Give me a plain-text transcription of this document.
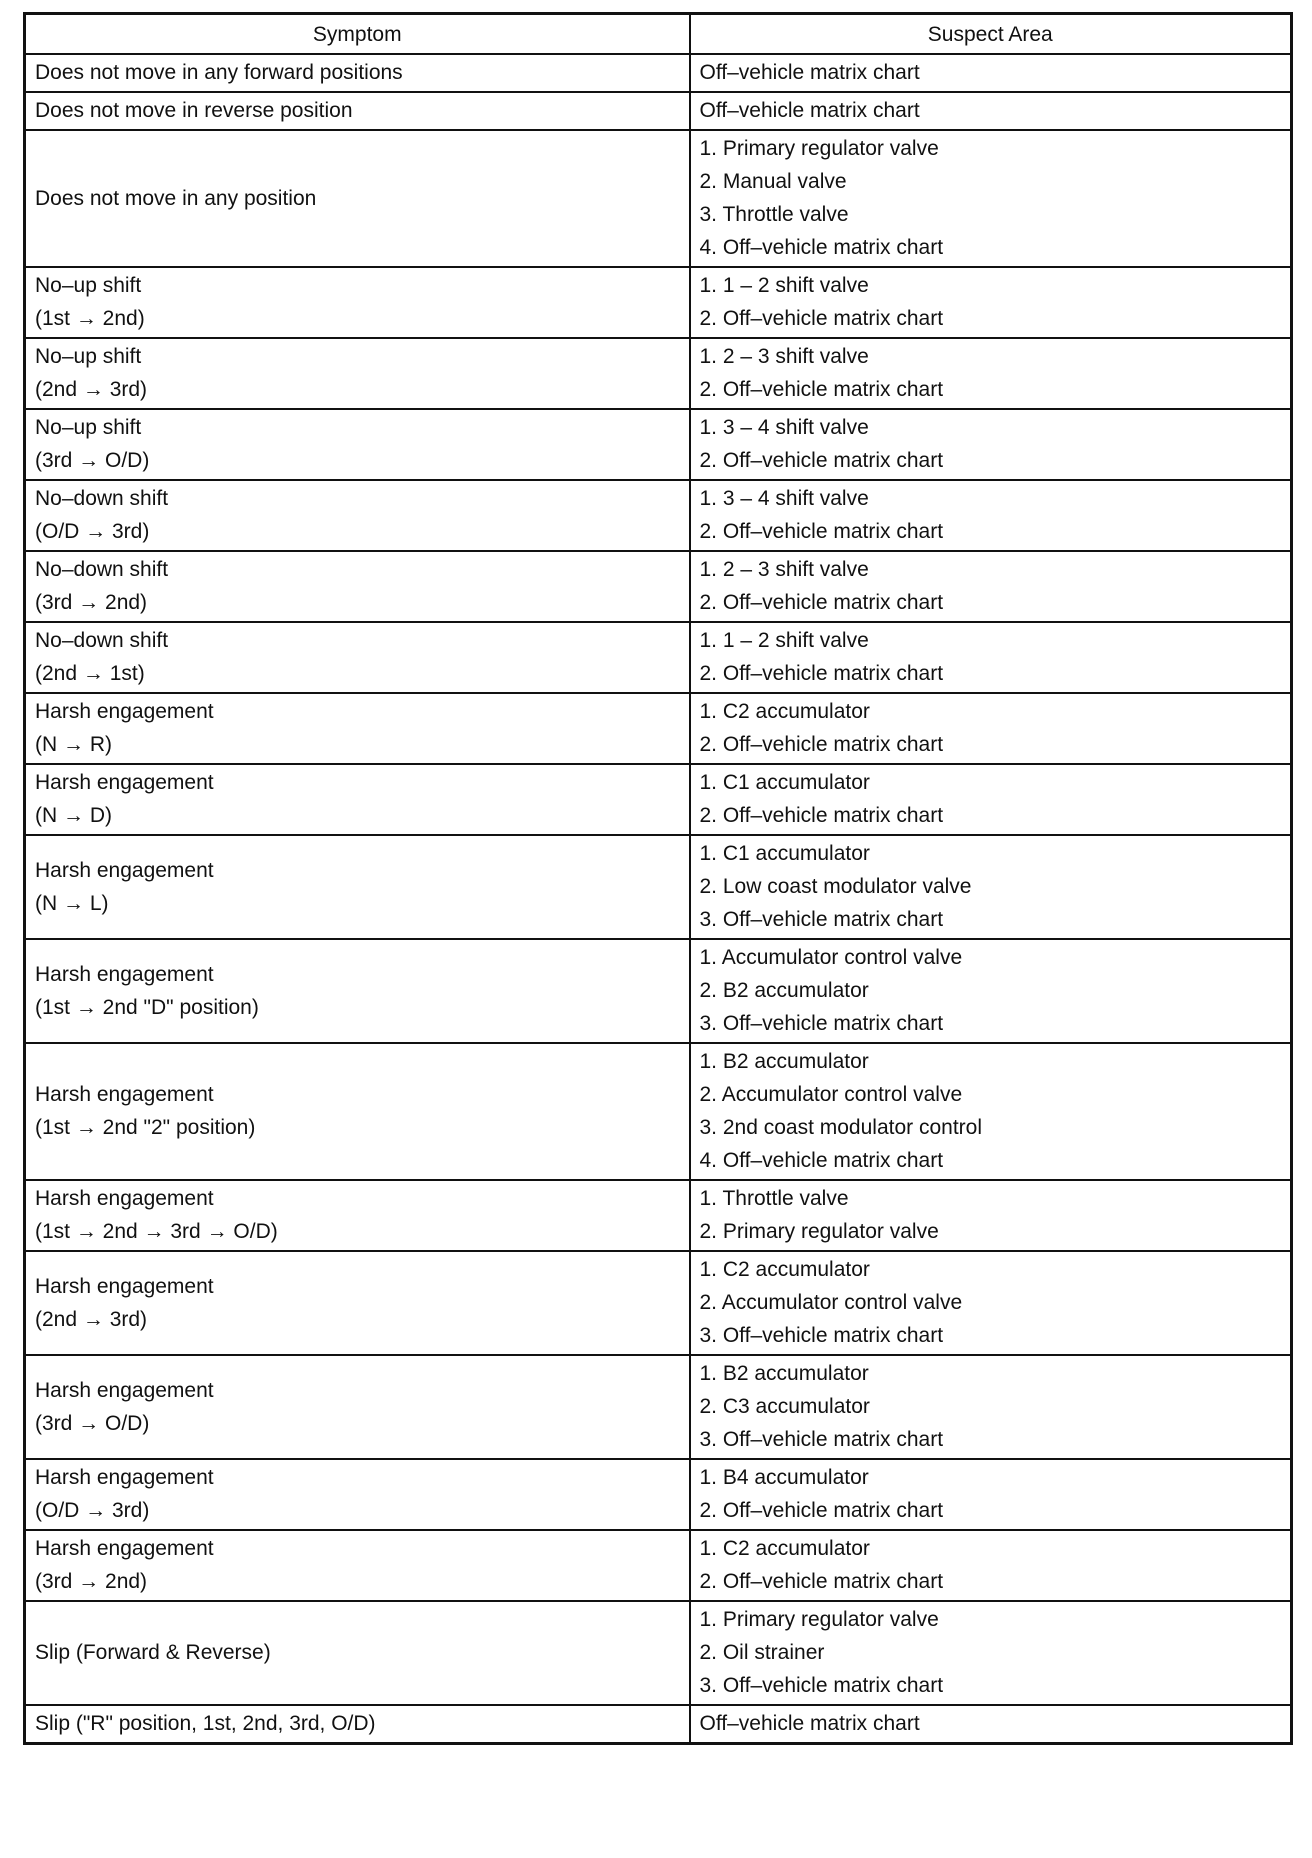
Symptom	Suspect Area

Does not move in any forward positions	Off–vehicle matrix chart

Does not move in reverse position	Off–vehicle matrix chart

Does not move in any position	1. Primary regulator valve
2. Manual valve
3. Throttle valve
4. Off–vehicle matrix chart

No–up shift
(1st → 2nd)	1. 1 – 2 shift valve
2. Off–vehicle matrix chart

No–up shift
(2nd → 3rd)	1. 2 – 3 shift valve
2. Off–vehicle matrix chart

No–up shift
(3rd → O/D)	1. 3 – 4 shift valve
2. Off–vehicle matrix chart

No–down shift
(O/D → 3rd)	1. 3 – 4 shift valve
2. Off–vehicle matrix chart

No–down shift
(3rd → 2nd)	1. 2 – 3 shift valve
2. Off–vehicle matrix chart

No–down shift
(2nd → 1st)	1. 1 – 2 shift valve
2. Off–vehicle matrix chart

Harsh engagement
(N → R)	1. C2 accumulator
2. Off–vehicle matrix chart

Harsh engagement
(N → D)	1. C1 accumulator
2. Off–vehicle matrix chart

Harsh engagement
(N → L)	1. C1 accumulator
2. Low coast modulator valve
3. Off–vehicle matrix chart

Harsh engagement
(1st → 2nd "D" position)	1. Accumulator control valve
2. B2 accumulator
3. Off–vehicle matrix chart

Harsh engagement
(1st → 2nd "2" position)	1. B2 accumulator
2. Accumulator control valve
3. 2nd coast modulator control
4. Off–vehicle matrix chart

Harsh engagement
(1st → 2nd → 3rd → O/D)	1. Throttle valve
2. Primary regulator valve

Harsh engagement
(2nd → 3rd)	1. C2 accumulator
2. Accumulator control valve
3. Off–vehicle matrix chart

Harsh engagement
(3rd → O/D)	1. B2 accumulator
2. C3 accumulator
3. Off–vehicle matrix chart

Harsh engagement
(O/D → 3rd)	1. B4 accumulator
2. Off–vehicle matrix chart

Harsh engagement
(3rd → 2nd)	1. C2 accumulator
2. Off–vehicle matrix chart

Slip (Forward & Reverse)	1. Primary regulator valve
2. Oil strainer
3. Off–vehicle matrix chart

Slip ("R" position, 1st, 2nd, 3rd, O/D)	Off–vehicle matrix chart
